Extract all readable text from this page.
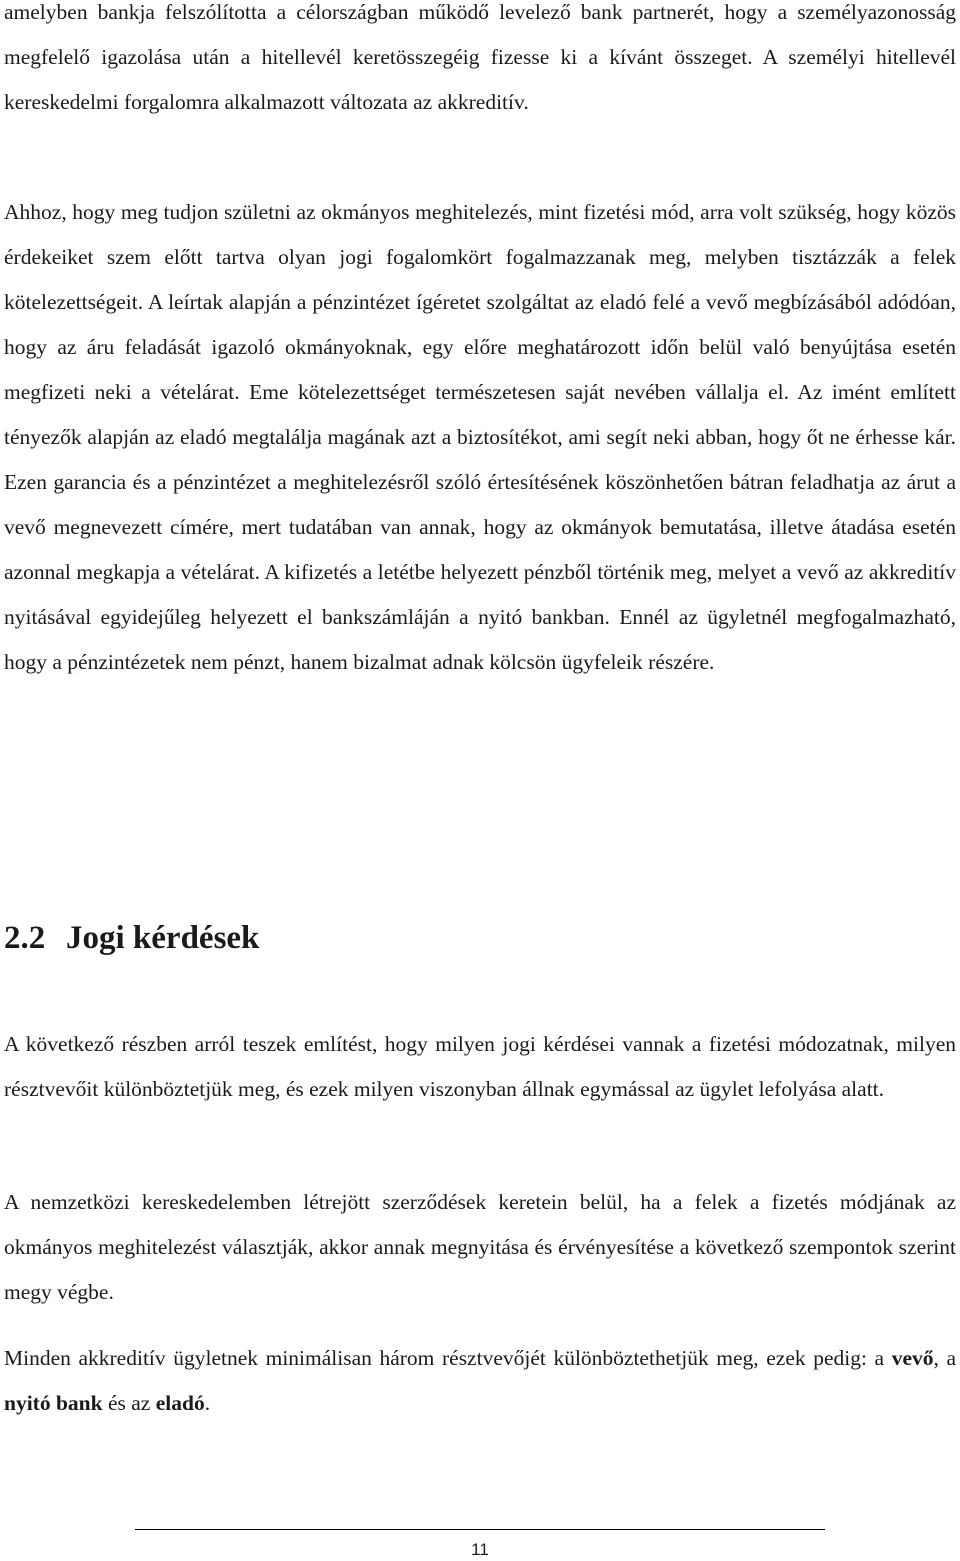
amelyben bankja felszólította a célországban működő levelező bank partnerét, hogy a személyazonosság megfelelő igazolása után a hitellevél keretösszegéig fizesse ki a kívánt összeget. A személyi hitellevél kereskedelmi forgalomra alkalmazott változata az akkreditív.

Ahhoz, hogy meg tudjon születni az okmányos meghitelezés, mint fizetési mód, arra volt szükség, hogy közös érdekeiket szem előtt tartva olyan jogi fogalomkört fogalmazzanak meg, melyben tisztázzák a felek kötelezettségeit. A leírtak alapján a pénzintézet ígéretet szolgáltat az eladó felé a vevő megbízásából adódóan, hogy az áru feladását igazoló okmányoknak, egy előre meghatározott időn belül való benyújtása esetén megfizeti neki a vételárat. Eme kötelezettséget természetesen saját nevében vállalja el. Az imént említett tényezők alapján az eladó megtalálja magának azt a biztosítékot, ami segít neki abban, hogy őt ne érhesse kár. Ezen garancia és a pénzintézet a meghitelezésről szóló értesítésének köszönhetően bátran feladhatja az árut a vevő megnevezett címére, mert tudatában van annak, hogy az okmányok bemutatása, illetve átadása esetén azonnal megkapja a vételárat. A kifizetés a letétbe helyezett pénzből történik meg, melyet a vevő az akkreditív nyitásával egyidejűleg helyezett el bankszámláján a nyitó bankban. Ennél az ügyletnél megfogalmazható, hogy a pénzintézetek nem pénzt, hanem bizalmat adnak kölcsön ügyfeleik részére.

2.2 Jogi kérdések

A következő részben arról teszek említést, hogy milyen jogi kérdései vannak a fizetési módozatnak, milyen résztvevőit különböztetjük meg, és ezek milyen viszonyban állnak egymással az ügylet lefolyása alatt.

A nemzetközi kereskedelemben létrejött szerződések keretein belül, ha a felek a fizetés módjának az okmányos meghitelezést választják, akkor annak megnyitása és érvényesítése a következő szempontok szerint megy végbe.

Minden akkreditív ügyletnek minimálisan három résztvevőjét különböztethetjük meg, ezek pedig: a vevő, a nyitó bank és az eladó.

11
